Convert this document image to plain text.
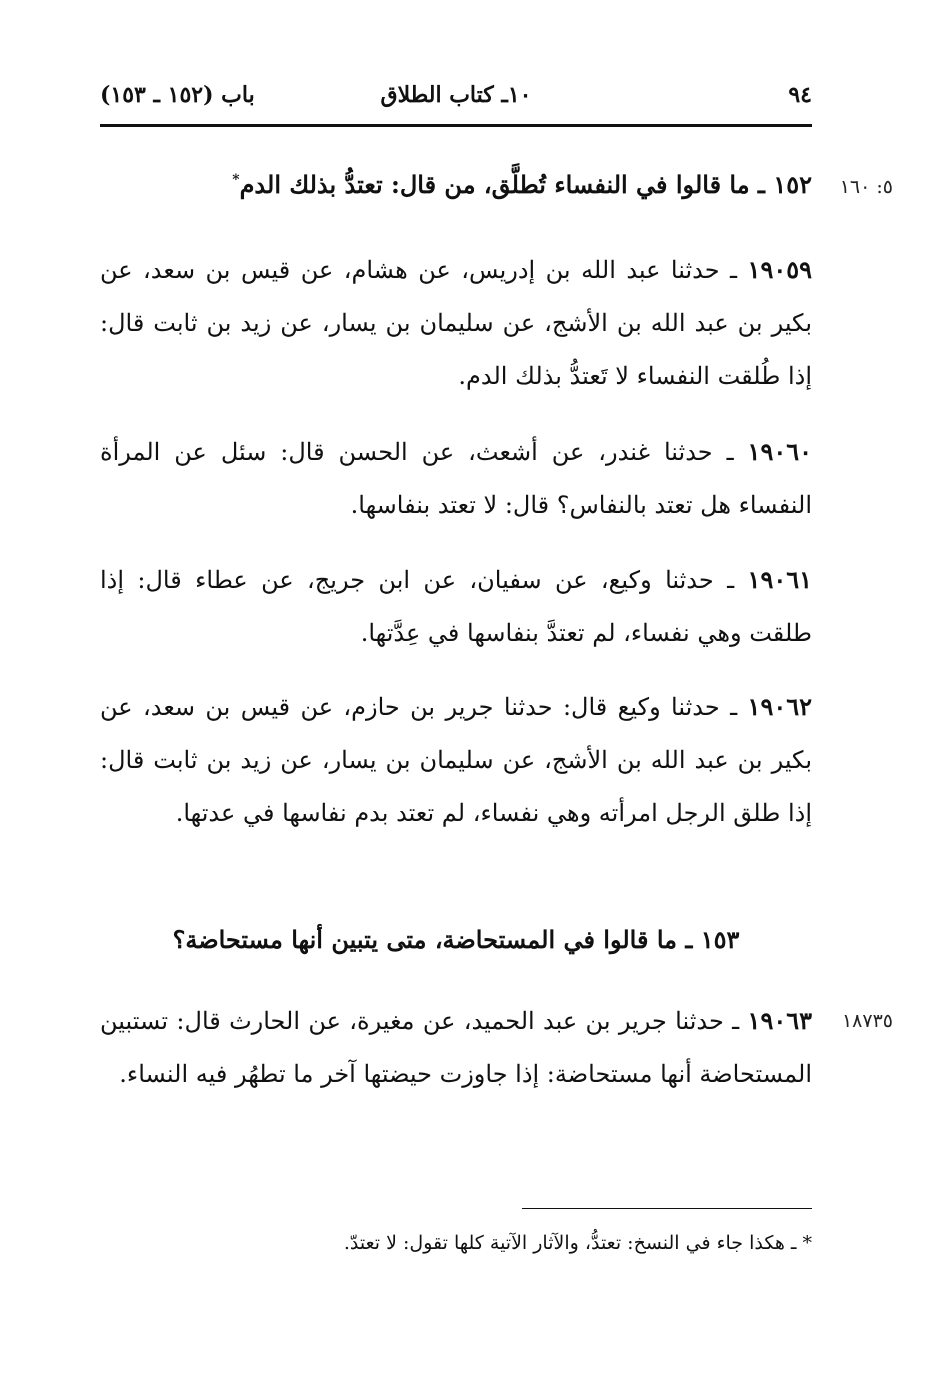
٩٤
١٠ـ كتاب الطلاق
باب (١٥٢ ـ ١٥٣)
٥: ١٦٠
١٥٢ ـ ما قالوا في النفساء تُطلَّق، من قال: تعتدُّ بذلك الدم*
١٩٠٥٩ ـ حدثنا عبد الله بن إدريس، عن هشام، عن قيس بن سعد، عن بكير بن عبد الله بن الأشج، عن سليمان بن يسار، عن زيد بن ثابت قال: إذا طُلقت النفساء لا تَعتدُّ بذلك الدم.
١٩٠٦٠ ـ حدثنا غندر، عن أشعث، عن الحسن قال: سئل عن المرأة النفساء هل تعتد بالنفاس؟ قال: لا تعتد بنفاسها.
١٩٠٦١ ـ حدثنا وكيع، عن سفيان، عن ابن جريج، عن عطاء قال: إذا طلقت وهي نفساء، لم تعتدَّ بنفاسها في عِدَّتها.
١٩٠٦٢ ـ حدثنا وكيع قال: حدثنا جرير بن حازم، عن قيس بن سعد، عن بكير بن عبد الله بن الأشج، عن سليمان بن يسار، عن زيد بن ثابت قال: إذا طلق الرجل امرأته وهي نفساء، لم تعتد بدم نفاسها في عدتها.
١٥٣ ـ ما قالوا في المستحاضة، متى يتبين أنها مستحاضة؟
١٨٧٣٥
١٩٠٦٣ ـ حدثنا جرير بن عبد الحميد، عن مغيرة، عن الحارث قال: تستبين المستحاضة أنها مستحاضة: إذا جاوزت حيضتها آخر ما تطهُر فيه النساء.
* ـ هكذا جاء في النسخ: تعتدُّ، والآثار الآتية كلها تقول: لا تعتدّ.
